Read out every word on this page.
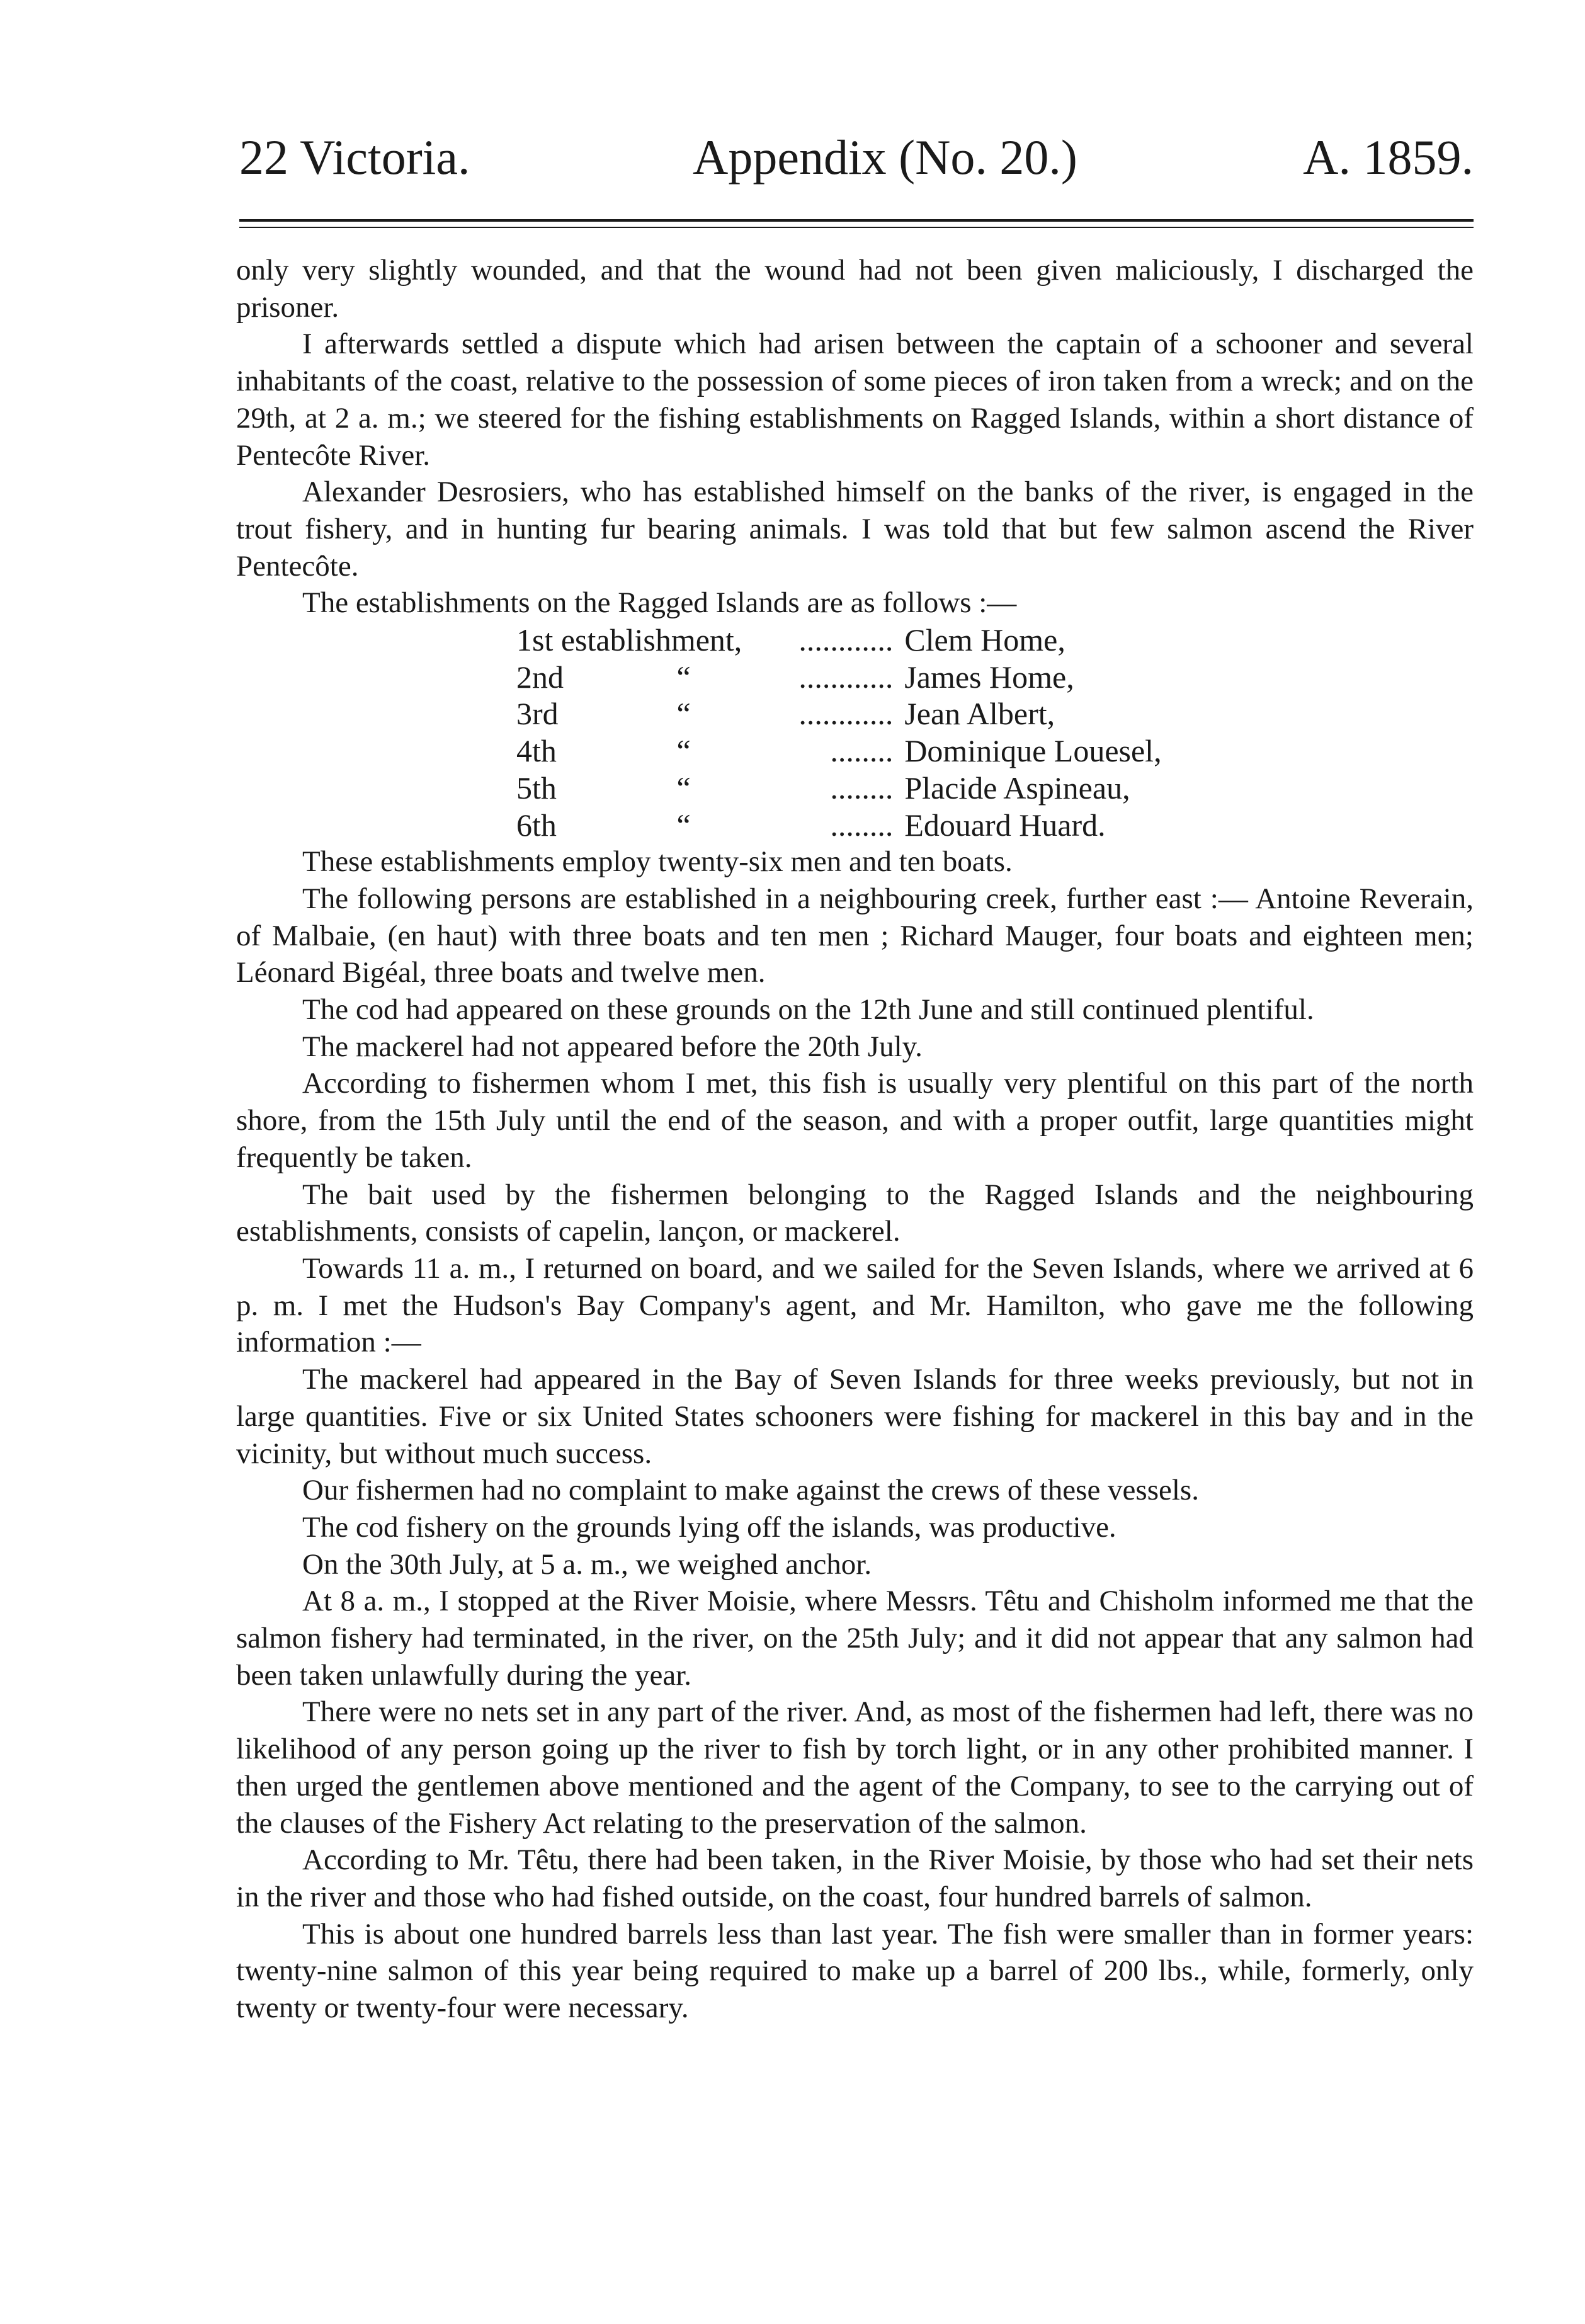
22 Victoria.	Appendix (No. 20.)	A. 1859.

only very slightly wounded, and that the wound had not been given maliciously, I discharged the prisoner.

I afterwards settled a dispute which had arisen between the captain of a schooner and several inhabitants of the coast, relative to the possession of some pieces of iron taken from a wreck; and on the 29th, at 2 a. m.; we steered for the fishing establishments on Ragged Islands, within a short distance of Pentecôte River.

Alexander Desrosiers, who has established himself on the banks of the river, is engaged in the trout fishery, and in hunting fur bearing animals. I was told that but few salmon ascend the River Pentecôte.

The establishments on the Ragged Islands are as follows :—

1st establishment,		............	Clem Home,
2nd	“	............	James Home,
3rd	“	............	Jean Albert,
4th	“	........	Dominique Louesel,
5th	“	........	Placide Aspineau,
6th	“	........	Edouard Huard.

These establishments employ twenty-six men and ten boats.

The following persons are established in a neighbouring creek, further east :— Antoine Reverain, of Malbaie, (en haut) with three boats and ten men ; Richard Mauger, four boats and eighteen men; Léonard Bigéal, three boats and twelve men.

The cod had appeared on these grounds on the 12th June and still continued plentiful.

The mackerel had not appeared before the 20th July.

According to fishermen whom I met, this fish is usually very plentiful on this part of the north shore, from the 15th July until the end of the season, and with a proper outfit, large quantities might frequently be taken.

The bait used by the fishermen belonging to the Ragged Islands and the neighbouring establishments, consists of capelin, lançon, or mackerel.

Towards 11 a. m., I returned on board, and we sailed for the Seven Islands, where we arrived at 6 p. m. I met the Hudson's Bay Company's agent, and Mr. Hamilton, who gave me the following information :—

The mackerel had appeared in the Bay of Seven Islands for three weeks previously, but not in large quantities. Five or six United States schooners were fishing for mackerel in this bay and in the vicinity, but without much success.

Our fishermen had no complaint to make against the crews of these vessels.

The cod fishery on the grounds lying off the islands, was productive.

On the 30th July, at 5 a. m., we weighed anchor.

At 8 a. m., I stopped at the River Moisie, where Messrs. Têtu and Chisholm informed me that the salmon fishery had terminated, in the river, on the 25th July; and it did not appear that any salmon had been taken unlawfully during the year.

There were no nets set in any part of the river. And, as most of the fishermen had left, there was no likelihood of any person going up the river to fish by torch light, or in any other prohibited manner. I then urged the gentlemen above mentioned and the agent of the Company, to see to the carrying out of the clauses of the Fishery Act relating to the preservation of the salmon.

According to Mr. Têtu, there had been taken, in the River Moisie, by those who had set their nets in the river and those who had fished outside, on the coast, four hundred barrels of salmon.

This is about one hundred barrels less than last year. The fish were smaller than in former years: twenty-nine salmon of this year being required to make up a barrel of 200 lbs., while, formerly, only twenty or twenty-four were necessary.
